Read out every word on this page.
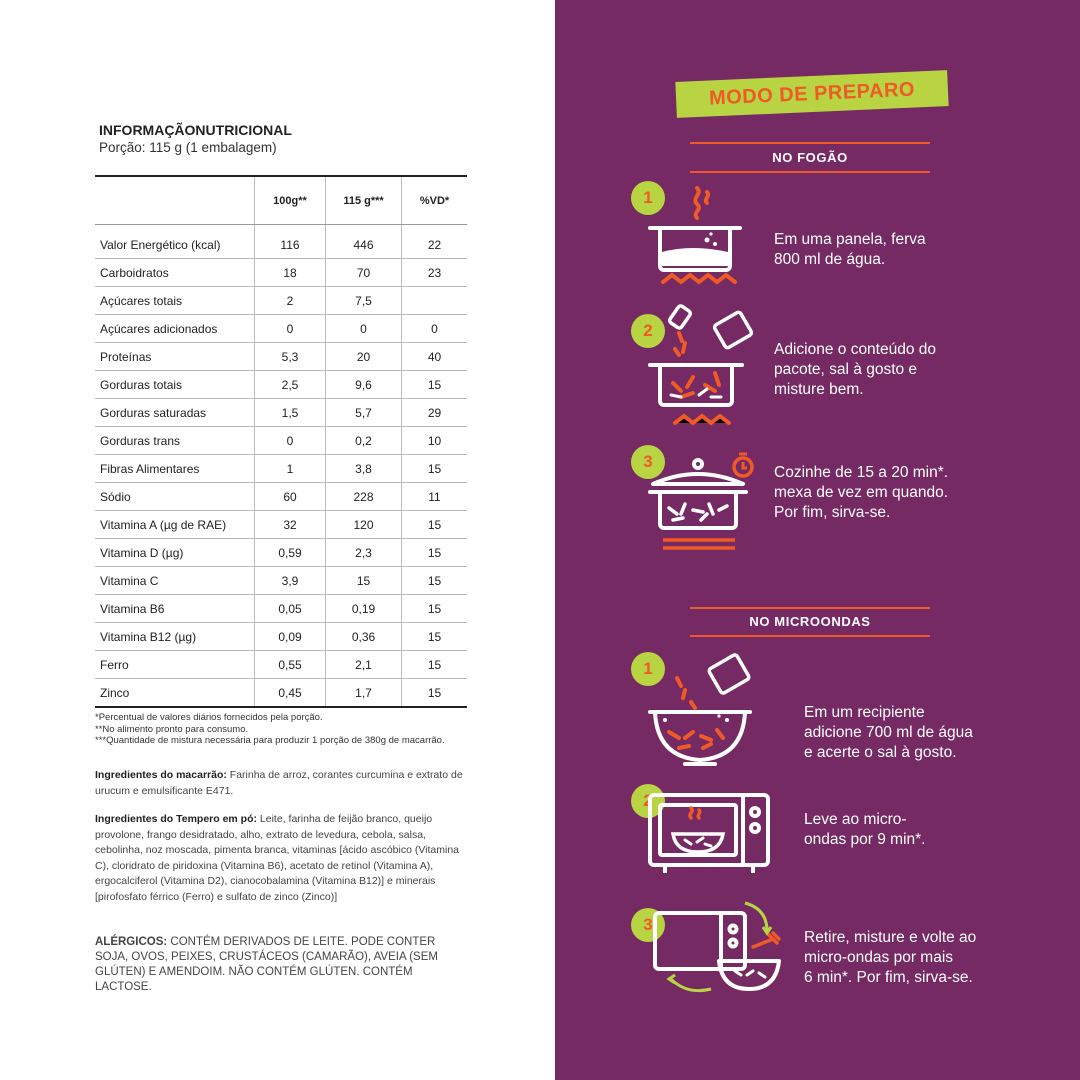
INFORMAÇÃONUTRICIONAL
Porção: 115 g (1 embalagem)
	100g**	115 g***	%VD*
Valor Energético (kcal)	116	446	22
Carboidratos	18	70	23
Açúcares totais	2	7,5	
Açúcares adicionados	0	0	0
Proteínas	5,3	20	40
Gorduras totais	2,5	9,6	15
Gorduras saturadas	1,5	5,7	29
Gorduras trans	0	0,2	10
Fibras Alimentares	1	3,8	15
Sódio	60	228	11
Vitamina A (µg de RAE)	32	120	15
Vitamina D (µg)	0,59	2,3	15
Vitamina C	3,9	15	15
Vitamina B6	0,05	0,19	15
Vitamina B12 (µg)	0,09	0,36	15
Ferro	0,55	2,1	15
Zinco	0,45	1,7	15
*Percentual de valores diários fornecidos pela porção.
**No alimento pronto para consumo.
***Quantidade de mistura necessária para produzir 1 porção de 380g de macarrão.
Ingredientes do macarrão: Farinha de arroz, corantes curcumina e extrato de urucum e emulsificante E471.
Ingredientes do Tempero em pó: Leite, farinha de feijão branco, queijo provolone, frango desidratado, alho, extrato de levedura, cebola, salsa, cebolinha, noz moscada, pimenta branca, vitaminas [ácido ascóbico (Vitamina C), cloridrato de piridoxina (Vitamina B6), acetato de retinol (Vitamina A), ergocalciferol (Vitamina D2), cianocobalamina (Vitamina B12)] e minerais [pirofosfato férrico (Ferro) e sulfato de zinco (Zinco)]
ALÉRGICOS: CONTÉM DERIVADOS DE LEITE. PODE CONTER SOJA, OVOS, PEIXES, CRUSTÁCEOS (CAMARÃO), AVEIA (SEM GLÚTEN) E AMENDOIM. NÃO CONTÉM GLÚTEN. CONTÉM LACTOSE.
MODO DE PREPARO
NO FOGÃO
1
Em uma panela, ferva
800 ml de água.
2
Adicione o conteúdo do
pacote, sal à gosto e
misture bem.
3
Cozinhe de 15 a 20 min*.
mexa de vez em quando.
Por fim, sirva-se.
NO MICROONDAS
1
Em um recipiente
adicione 700 ml de água
e acerte o sal à gosto.
2
Leve ao micro-
ondas por 9 min*.
3
Retire, misture e volte ao
micro-ondas por mais
6 min*. Por fim, sirva-se.
